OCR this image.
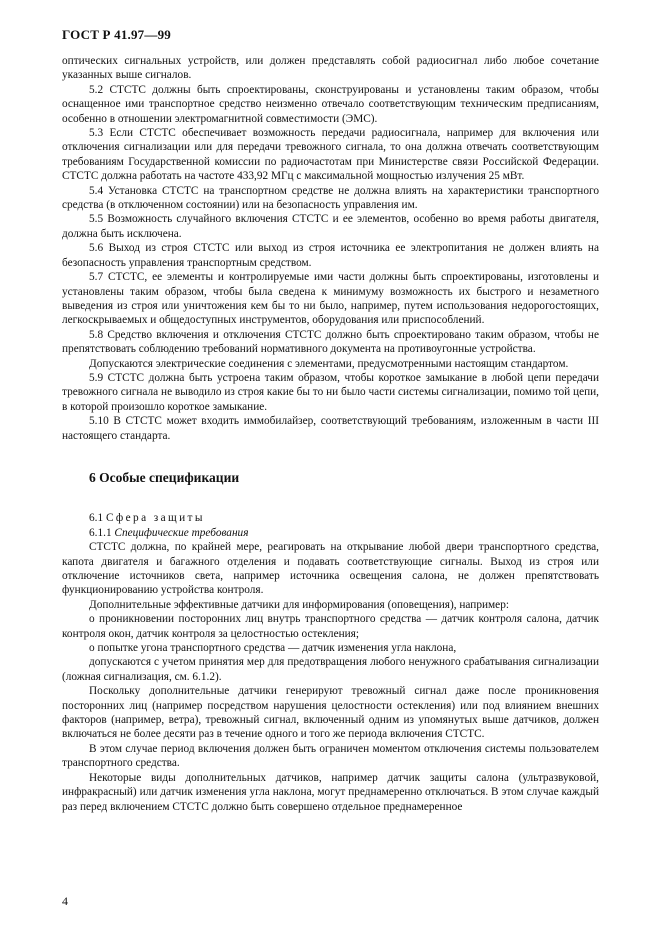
ГОСТ Р 41.97—99

оптических сигнальных устройств, или должен представлять собой радиосигнал либо любое сочетание указанных выше сигналов.

5.2 СТСТС должны быть спроектированы, сконструированы и установлены таким образом, чтобы оснащенное ими транспортное средство неизменно отвечало соответствующим техническим предписаниям, особенно в отношении электромагнитной совместимости (ЭМС).

5.3 Если СТСТС обеспечивает возможность передачи радиосигнала, например для включения или отключения сигнализации или для передачи тревожного сигнала, то она должна отвечать соответствующим требованиям Государственной комиссии по радиочастотам при Министерстве связи Российской Федерации. СТСТС должна работать на частоте 433,92 МГц с максимальной мощностью излучения 25 мВт.

5.4 Установка СТСТС на транспортном средстве не должна влиять на характеристики транспортного средства (в отключенном состоянии) или на безопасность управления им.

5.5 Возможность случайного включения СТСТС и ее элементов, особенно во время работы двигателя, должна быть исключена.

5.6 Выход из строя СТСТС или выход из строя источника ее электропитания не должен влиять на безопасность управления транспортным средством.

5.7 СТСТС, ее элементы и контролируемые ими части должны быть спроектированы, изготовлены и установлены таким образом, чтобы была сведена к минимуму возможность их быстрого и незаметного выведения из строя или уничтожения кем бы то ни было, например, путем использования недорогостоящих, легкоскрываемых и общедоступных инструментов, оборудования или приспособлений.

5.8 Средство включения и отключения СТСТС должно быть спроектировано таким образом, чтобы не препятствовать соблюдению требований нормативного документа на противоугонные устройства.

Допускаются электрические соединения с элементами, предусмотренными настоящим стандартом.

5.9 СТСТС должна быть устроена таким образом, чтобы короткое замыкание в любой цепи передачи тревожного сигнала не выводило из строя какие бы то ни было части системы сигнализации, помимо той цепи, в которой произошло короткое замыкание.

5.10 В СТСТС может входить иммобилайзер, соответствующий требованиям, изложенным в части III настоящего стандарта.

6 Особые спецификации

6.1 Сфера защиты

6.1.1 Специфические требования

СТСТС должна, по крайней мере, реагировать на открывание любой двери транспортного средства, капота двигателя и багажного отделения и подавать соответствующие сигналы. Выход из строя или отключение источников света, например источника освещения салона, не должен препятствовать функционированию устройства контроля.

Дополнительные эффективные датчики для информирования (оповещения), например:

о проникновении посторонних лиц внутрь транспортного средства — датчик контроля салона, датчик контроля окон, датчик контроля за целостностью остекления;

о попытке угона транспортного средства — датчик изменения угла наклона,

допускаются с учетом принятия мер для предотвращения любого ненужного срабатывания сигнализации (ложная сигнализация, см. 6.1.2).

Поскольку дополнительные датчики генерируют тревожный сигнал даже после проникновения посторонних лиц (например посредством нарушения целостности остекления) или под влиянием внешних факторов (например, ветра), тревожный сигнал, включенный одним из упомянутых выше датчиков, должен включаться не более десяти раз в течение одного и того же периода включения СТСТС.

В этом случае период включения должен быть ограничен моментом отключения системы пользователем транспортного средства.

Некоторые виды дополнительных датчиков, например датчик защиты салона (ультразвуковой, инфракрасный) или датчик изменения угла наклона, могут преднамеренно отключаться. В этом случае каждый раз перед включением СТСТС должно быть совершено отдельное преднамеренное

4
